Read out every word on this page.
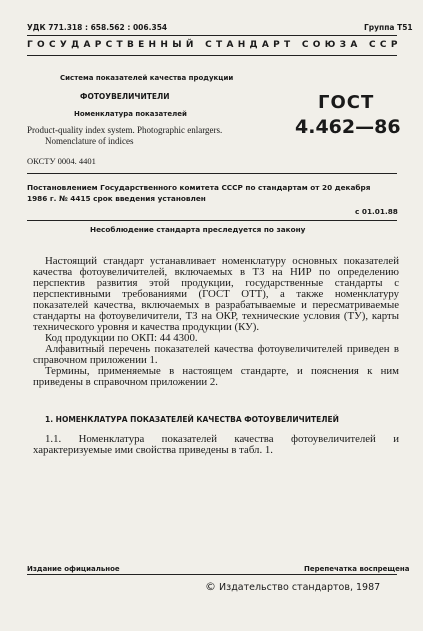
УДК 771.318 : 658.562 : 006.354	Группа Т51
ГОСУДАРСТВЕННЫЙ СТАНДАРТ СОЮЗА ССР
Система показателей качества продукции
ФОТОУВЕЛИЧИТЕЛИ
Номенклатура показателей
Product-quality index system. Photographic enlargers.
Nomenclature of indices
ГОСТ
4.462—86
ОКСТУ 0004. 4401
Постановлением Государственного комитета СССР по стандартам от 20 декабря
1986 г. № 4415 срок введения установлен
с 01.01.88
Несоблюдение стандарта преследуется по закону

Настоящий стандарт устанавливает номенклатуру основных показателей качества фотоувеличителей, включаемых в ТЗ на НИР по определению перспектив развития этой продукции, государственные стандарты с перспективными требованиями (ГОСТ ОТТ), а также номенклатуру показателей качества, включаемых в разрабатываемые и пересматриваемые стандарты на фотоувеличители, ТЗ на ОКР, технические условия (ТУ), карты технического уровня и качества продукции (КУ).

Код продукции по ОКП: 44 4300.

Алфавитный перечень показателей качества фотоувеличителей приведен в справочном приложении 1.

Термины, применяемые в настоящем стандарте, и пояснения к ним приведены в справочном приложении 2.

1. НОМЕНКЛАТУРА ПОКАЗАТЕЛЕЙ КАЧЕСТВА ФОТОУВЕЛИЧИТЕЛЕЙ

1.1. Номенклатура показателей качества фотоувеличителей и характеризуемые ими свойства приведены в табл. 1.

Издание официальное	Перепечатка воспрещена
© Издательство стандартов, 1987
